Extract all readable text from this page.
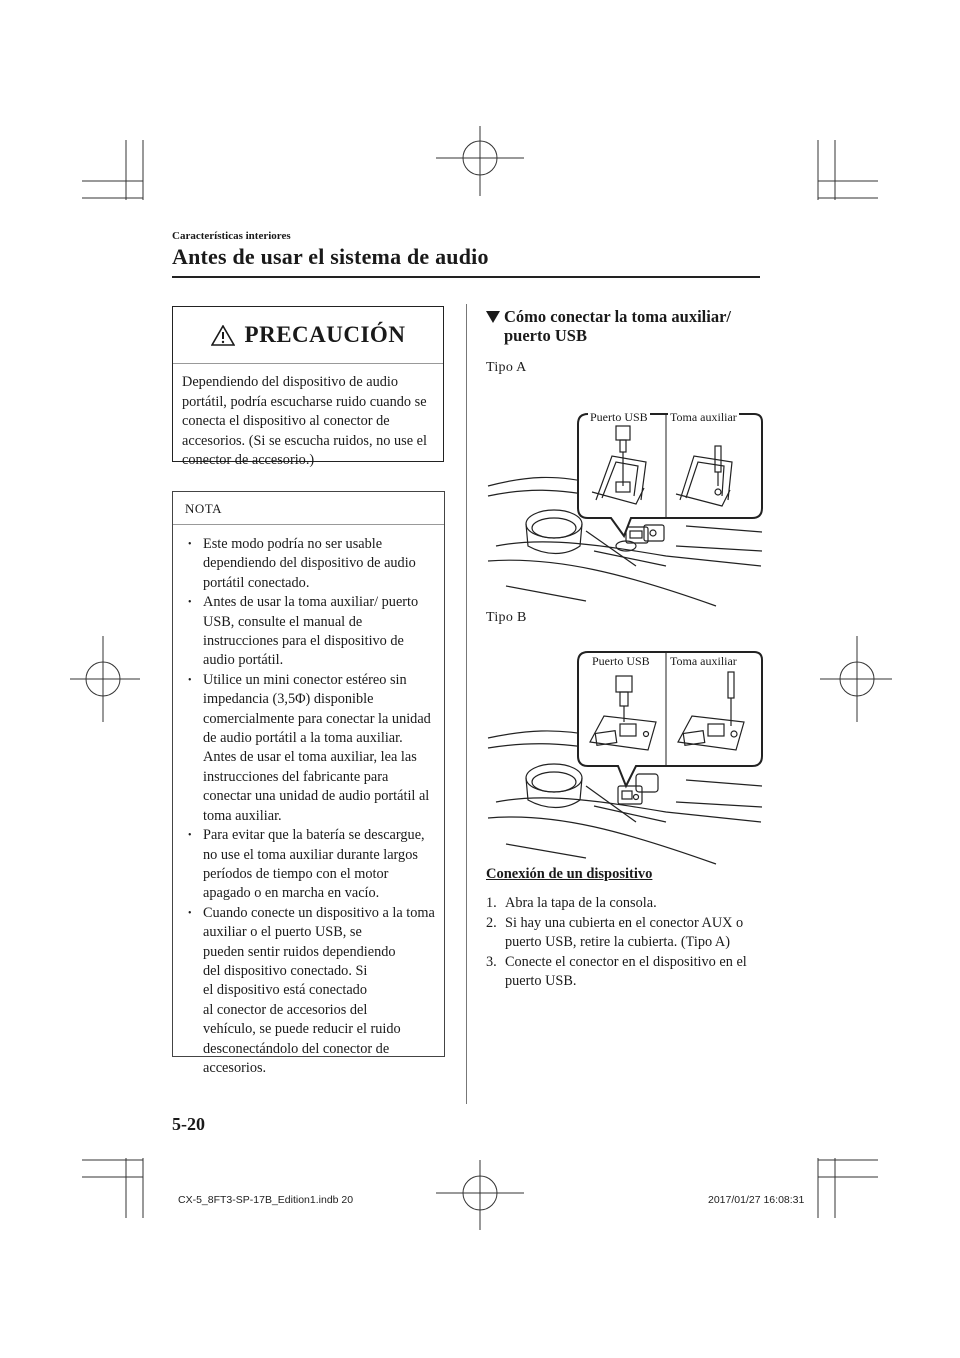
Características interiores
Antes de usar el sistema de audio
PRECAUCIÓN
Dependiendo del dispositivo de audio portátil, podría escucharse ruido cuando se conecta el dispositivo al conector de accesorios. (Si se escucha ruidos, no use el conector de accesorio.)
NOTA
• Este modo podría no ser usable dependiendo del dispositivo de audio portátil conectado.
• Antes de usar la toma auxiliar/ puerto USB, consulte el manual de instrucciones para el dispositivo de audio portátil.
• Utilice un mini conector estéreo sin impedancia (3,5Φ) disponible comercialmente para conectar la unidad de audio portátil a la toma auxiliar. Antes de usar el toma auxiliar, lea las instrucciones del fabricante para conectar una unidad de audio portátil al toma auxiliar.
• Para evitar que la batería se descargue, no use el toma auxiliar durante largos períodos de tiempo con el motor apagado o en marcha en vacío.
• Cuando conecte un dispositivo a la toma auxiliar o el puerto USB, se
pueden sentir ruidos dependiendo
del dispositivo conectado. Si
el dispositivo está conectado
al conector de accesorios del
vehículo, se puede reducir el ruido
desconectándolo del conector de
accesorios.
Cómo conectar la toma auxiliar/ puerto USB
Tipo A
Puerto USB Toma auxiliar
Tipo B
Puerto USB Toma auxiliar
Conexión de un dispositivo
1. Abra la tapa de la consola.
2. Si hay una cubierta en el conector AUX o puerto USB, retire la cubierta. (Tipo A)
3. Conecte el conector en el dispositivo en el puerto USB.
5-20
CX-5_8FT3-SP-17B_Edition1.indb 20	2017/01/27 16:08:31
